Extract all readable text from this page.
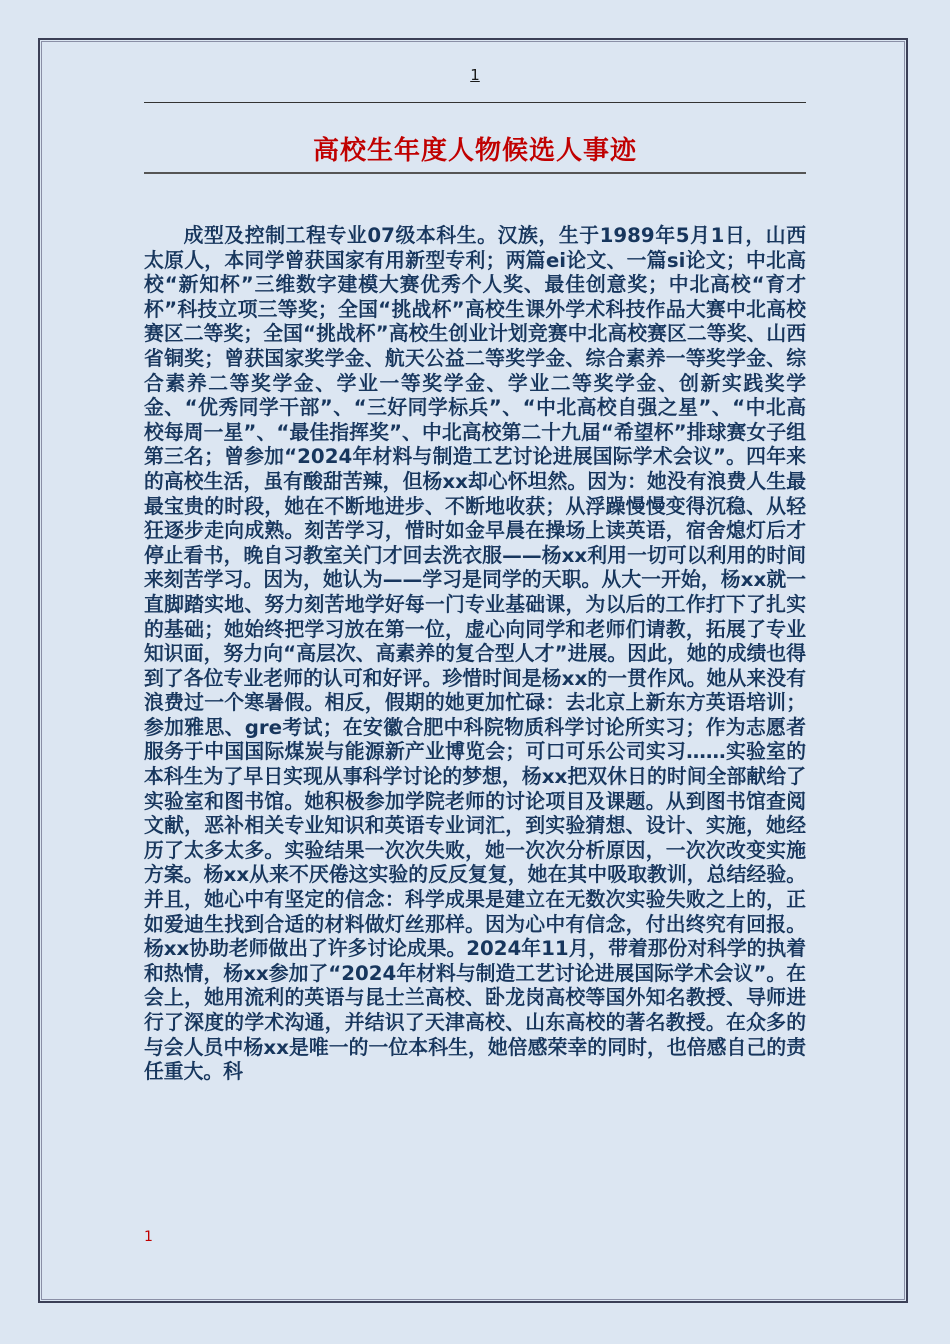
1
高校生年度人物候选人事迹

成型及控制工程专业07级本科生。汉族，生于1989年5月1日，山西太原人，本同学曾获国家有用新型专利；两篇ei论文、一篇si论文；中北高校“新知杯”三维数字建模大赛优秀个人奖、最佳创意奖；中北高校“育才杯”科技立项三等奖；全国“挑战杯”高校生课外学术科技作品大赛中北高校赛区二等奖；全国“挑战杯”高校生创业计划竞赛中北高校赛区二等奖、山西省铜奖；曾获国家奖学金、航天公益二等奖学金、综合素养一等奖学金、综合素养二等奖学金、学业一等奖学金、学业二等奖学金、创新实践奖学金、“优秀同学干部”、“三好同学标兵”、“中北高校自强之星”、“中北高校每周一星”、“最佳指挥奖”、中北高校第二十九届“希望杯”排球赛女子组第三名；曾参加“2024年材料与制造工艺讨论进展国际学术会议”。四年来的高校生活，虽有酸甜苦辣，但杨xx却心怀坦然。因为：她没有浪费人生最最宝贵的时段，她在不断地进步、不断地收获；从浮躁慢慢变得沉稳、从轻狂逐步走向成熟。刻苦学习，惜时如金早晨在操场上读英语，宿舍熄灯后才停止看书，晚自习教室关门才回去洗衣服——杨xx利用一切可以利用的时间来刻苦学习。因为，她认为——学习是同学的天职。从大一开始，杨xx就一直脚踏实地、努力刻苦地学好每一门专业基础课，为以后的工作打下了扎实的基础；她始终把学习放在第一位，虚心向同学和老师们请教，拓展了专业知识面，努力向“高层次、高素养的复合型人才”进展。因此，她的成绩也得到了各位专业老师的认可和好评。珍惜时间是杨xx的一贯作风。她从来没有浪费过一个寒暑假。相反，假期的她更加忙碌：去北京上新东方英语培训；参加雅思、gre考试；在安徽合肥中科院物质科学讨论所实习；作为志愿者服务于中国国际煤炭与能源新产业博览会；可口可乐公司实习……实验室的本科生为了早日实现从事科学讨论的梦想，杨xx把双休日的时间全部献给了实验室和图书馆。她积极参加学院老师的讨论项目及课题。从到图书馆查阅文献，恶补相关专业知识和英语专业词汇，到实验猜想、设计、实施，她经历了太多太多。实验结果一次次失败，她一次次分析原因，一次次改变实施方案。杨xx从来不厌倦这实验的反反复复，她在其中吸取教训，总结经验。并且，她心中有坚定的信念：科学成果是建立在无数次实验失败之上的，正如爱迪生找到合适的材料做灯丝那样。因为心中有信念，付出终究有回报。杨xx协助老师做出了许多讨论成果。2024年11月，带着那份对科学的执着和热情，杨xx参加了“2024年材料与制造工艺讨论进展国际学术会议”。在会上，她用流利的英语与昆士兰高校、卧龙岗高校等国外知名教授、导师进行了深度的学术沟通，并结识了天津高校、山东高校的著名教授。在众多的与会人员中杨xx是唯一的一位本科生，她倍感荣幸的同时，也倍感自己的责任重大。科

1
